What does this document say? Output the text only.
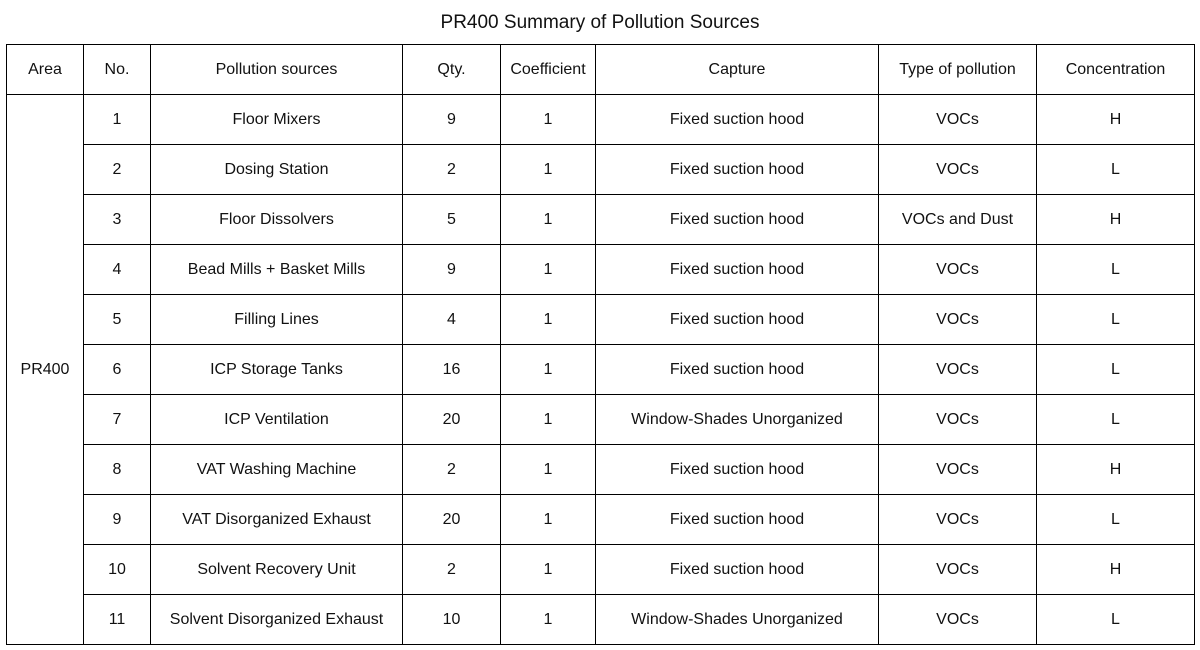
PR400 Summary of Pollution Sources
Area	No.	Pollution sources	Qty.	Coefficient	Capture	Type of pollution	Concentration
PR400	1	Floor Mixers	9	1	Fixed suction hood	VOCs	H
	2	Dosing Station	2	1	Fixed suction hood	VOCs	L
	3	Floor Dissolvers	5	1	Fixed suction hood	VOCs and Dust	H
	4	Bead Mills + Basket Mills	9	1	Fixed suction hood	VOCs	L
	5	Filling Lines	4	1	Fixed suction hood	VOCs	L
	6	ICP Storage Tanks	16	1	Fixed suction hood	VOCs	L
	7	ICP Ventilation	20	1	Window-Shades Unorganized	VOCs	L
	8	VAT Washing Machine	2	1	Fixed suction hood	VOCs	H
	9	VAT Disorganized Exhaust	20	1	Fixed suction hood	VOCs	L
	10	Solvent Recovery Unit	2	1	Fixed suction hood	VOCs	H
	11	Solvent Disorganized Exhaust	10	1	Window-Shades Unorganized	VOCs	L
